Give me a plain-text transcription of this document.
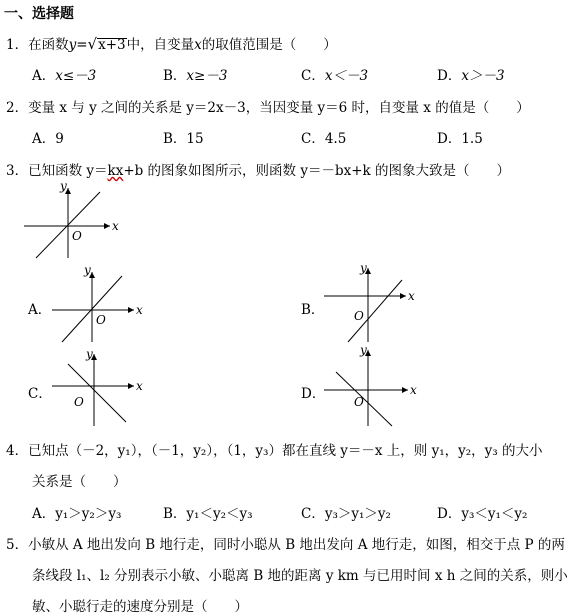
一、选择题
1．在函数y=√x+3中，自变量x的取值范围是（　　）
A．x≤－3	B．x≥－3	C．x＜－3	D．x＞－3
2．变量 x 与 y 之间的关系是 y＝2x－3，当因变量 y＝6 时，自变量 x 的值是（　　）
A．9	B．15	C．4.5	D．1.5
3．已知函数 y＝kx+b 的图象如图所示，则函数 y＝－bx+k 的图象大致是（　　）
x
y
O
A．	x
y
O
B．
x
y
O
C．	x
y
O	D．	x
y
O
4．已知点（－2，y₁），（－1，y₂），（1，y₃）都在直线 y＝－x 上，则 y₁，y₂，y₃ 的大小
关系是（　　）
A．y₁＞y₂＞y₃	B．y₁＜y₂＜y₃	C．y₃＞y₁＞y₂	D．y₃＜y₁＜y₂
5．小敏从 A 地出发向 B 地行走，同时小聪从 B 地出发向 A 地行走，如图，相交于点 P 的两
条线段 l₁、l₂ 分别表示小敏、小聪离 B 地的距离 y km 与已用时间 x h 之间的关系，则小
敏、小聪行走的速度分别是（　　）
